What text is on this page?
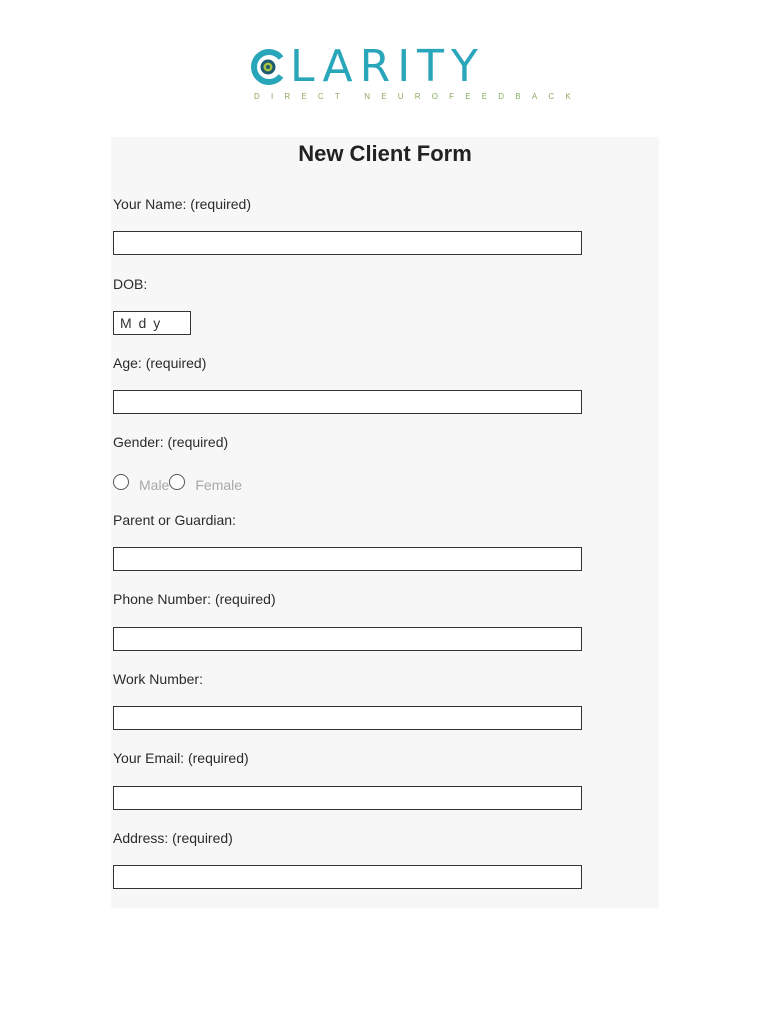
LARITY
DIRECT NEUROFEEDBACK
New Client Form
Your Name: (required)
DOB:
M d y
Age: (required)
Gender: (required)
Male Female
Parent or Guardian:
Phone Number: (required)
Work Number:
Your Email: (required)
Address: (required)
